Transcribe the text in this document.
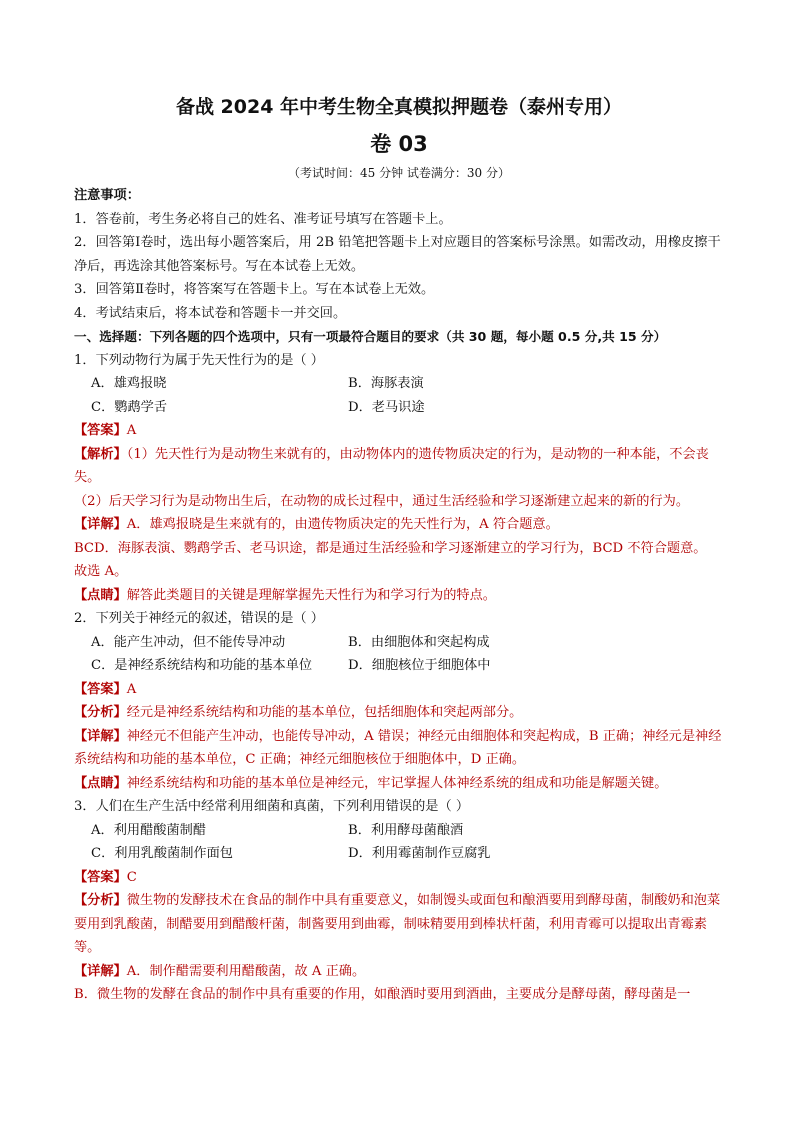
备战 2024 年中考生物全真模拟押题卷（泰州专用）

卷 03

（考试时间：45 分钟 试卷满分：30 分）

注意事项：

1．答卷前，考生务必将自己的姓名、准考证号填写在答题卡上。

2．回答第Ⅰ卷时，选出每小题答案后，用 2B 铅笔把答题卡上对应题目的答案标号涂黑。如需改动，用橡皮擦干净后，再选涂其他答案标号。写在本试卷上无效。

3．回答第Ⅱ卷时，将答案写在答题卡上。写在本试卷上无效。

4．考试结束后，将本试卷和答题卡一并交回。

一、选择题：下列各题的四个选项中，只有一项最符合题目的要求（共 30 题，每小题 0.5 分,共 15 分）

1．下列动物行为属于先天性行为的是（ ）

A．雄鸡报晓	B．海豚表演
C．鹦鹉学舌	D．老马识途

【答案】A

【解析】（1）先天性行为是动物生来就有的，由动物体内的遗传物质决定的行为，是动物的一种本能，不会丧失。

（2）后天学习行为是动物出生后，在动物的成长过程中，通过生活经验和学习逐渐建立起来的新的行为。

【详解】A．雄鸡报晓是生来就有的，由遗传物质决定的先天性行为，A 符合题意。

BCD．海豚表演、鹦鹉学舌、老马识途，都是通过生活经验和学习逐渐建立的学习行为，BCD 不符合题意。

故选 A。

【点睛】解答此类题目的关键是理解掌握先天性行为和学习行为的特点。

2．下列关于神经元的叙述，错误的是（ ）

A．能产生冲动，但不能传导冲动	B．由细胞体和突起构成
C．是神经系统结构和功能的基本单位	D．细胞核位于细胞体中

【答案】A

【分析】经元是神经系统结构和功能的基本单位，包括细胞体和突起两部分。

【详解】神经元不但能产生冲动，也能传导冲动，A 错误；神经元由细胞体和突起构成，B 正确；神经元是神经系统结构和功能的基本单位，C 正确；神经元细胞核位于细胞体中，D 正确。

【点睛】神经系统结构和功能的基本单位是神经元，牢记掌握人体神经系统的组成和功能是解题关键。

3．人们在生产生活中经常利用细菌和真菌，下列利用错误的是（ ）

A．利用醋酸菌制醋	B．利用酵母菌酿酒
C．利用乳酸菌制作面包	D．利用霉菌制作豆腐乳

【答案】C

【分析】微生物的发酵技术在食品的制作中具有重要意义，如制馒头或面包和酿酒要用到酵母菌，制酸奶和泡菜要用到乳酸菌，制醋要用到醋酸杆菌，制酱要用到曲霉，制味精要用到棒状杆菌，利用青霉可以提取出青霉素等。

【详解】A．制作醋需要利用醋酸菌，故 A 正确。

B．微生物的发酵在食品的制作中具有重要的作用，如酿酒时要用到酒曲，主要成分是酵母菌，酵母菌是一
